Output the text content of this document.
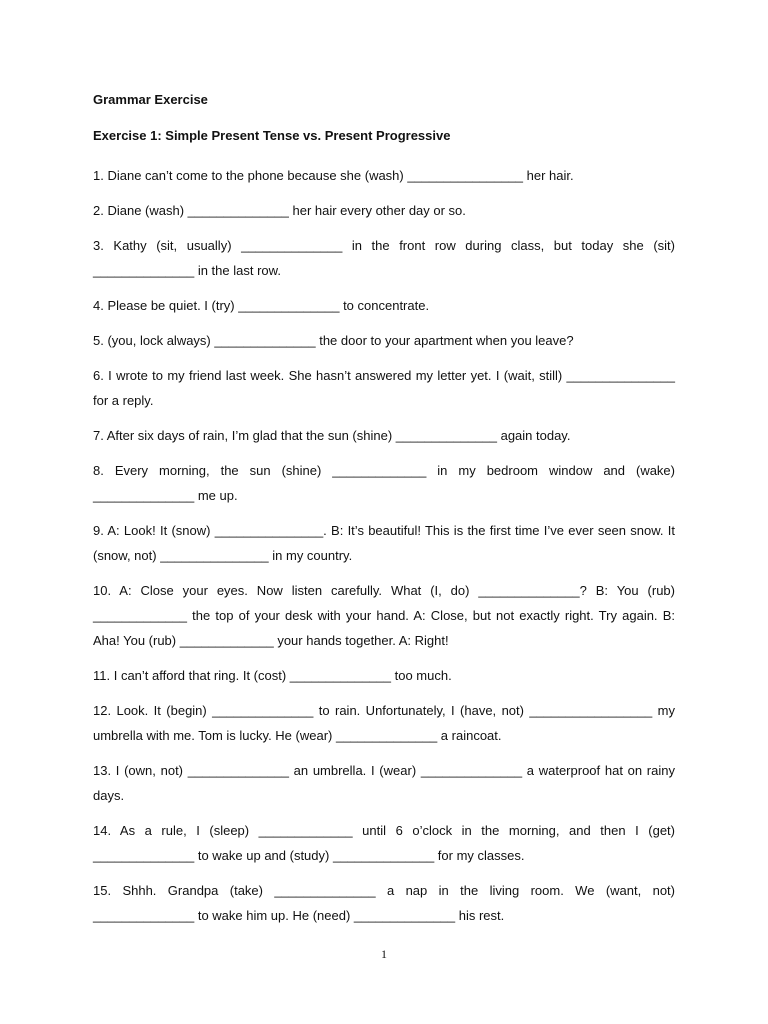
Grammar Exercise
Exercise 1: Simple Present Tense vs. Present Progressive

1. Diane can’t come to the phone because she (wash) ________________ her hair.

2. Diane (wash) ______________ her hair every other day or so.

3. Kathy (sit, usually) ______________ in the front row during class, but today she (sit) ______________ in the last row.

4. Please be quiet. I (try) ______________ to concentrate.

5. (you, lock always) ______________ the door to your apartment when you leave?

6. I wrote to my friend last week. She hasn’t answered my letter yet. I (wait, still) _______________ for a reply.

7. After six days of rain, I’m glad that the sun (shine) ______________ again today.

8. Every morning, the sun (shine) _____________ in my bedroom window and (wake) ______________ me up.

9. A: Look! It (snow) _______________. B: It’s beautiful! This is the first time I’ve ever seen snow. It (snow, not) _______________ in my country.

10. A: Close your eyes. Now listen carefully. What (I, do) ______________? B: You (rub) _____________ the top of your desk with your hand. A: Close, but not exactly right. Try again. B: Aha! You (rub) _____________ your hands together. A: Right!

11. I can’t afford that ring. It (cost) ______________ too much.

12. Look. It (begin) ______________ to rain. Unfortunately, I (have, not) _________________ my umbrella with me. Tom is lucky. He (wear) ______________ a raincoat.

13. I (own, not) ______________ an umbrella. I (wear) ______________ a waterproof hat on rainy days.

14. As a rule, I (sleep) _____________ until 6 o’clock in the morning, and then I (get) ______________ to wake up and (study) ______________ for my classes.

15. Shhh. Grandpa (take) ______________ a nap in the living room. We (want, not) ______________ to wake him up. He (need) ______________ his rest.

1
